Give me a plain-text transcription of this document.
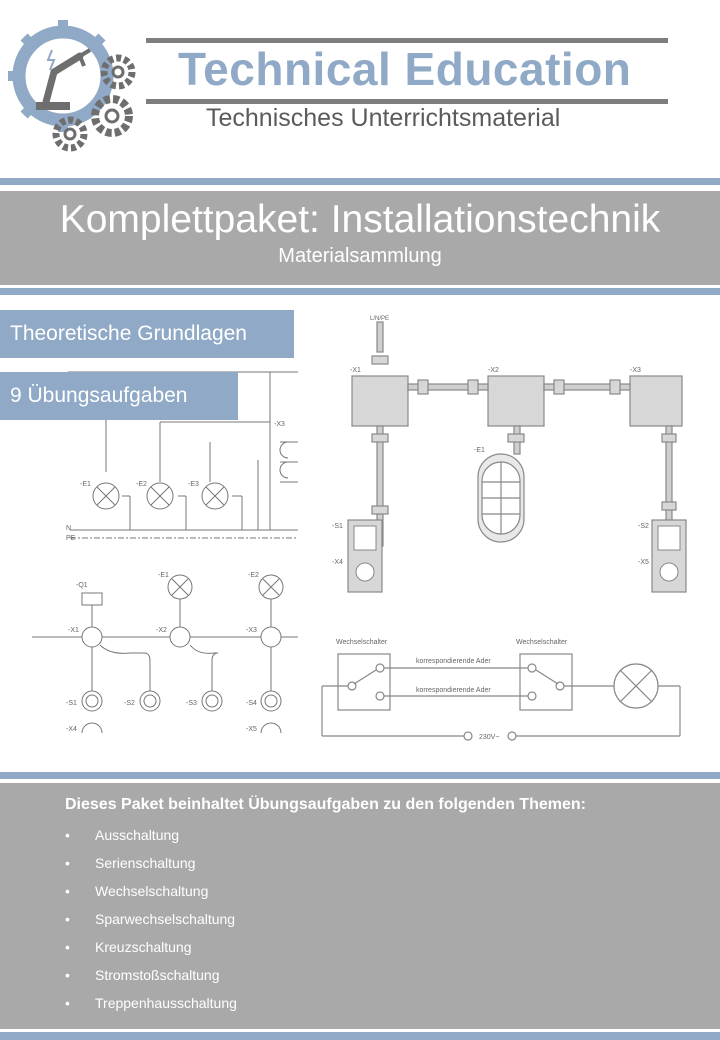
Technical Education
Technisches Unterrichtsmaterial
Komplettpaket: Installationstechnik
Materialsammlung
-E1	-E2	-E3
-X3
N
PE
-Q1
-E1	-E2
-X1	-X2	-X3
-S1	-S2	-S3	-S4
-X4	-X5
L/N/PE
-X1	-X2	-X3
-E1
-S1
-X4
-S2
-X5
Wechselschalter	Wechselschalter
korrespondierende Ader
korrespondierende Ader
230V~
Theoretische Grundlagen
9 Übungsaufgaben
Dieses Paket beinhaltet Übungsaufgaben zu den folgenden Themen:
• Ausschaltung
• Serienschaltung
• Wechselschaltung
• Sparwechselschaltung
• Kreuzschaltung
• Stromstoßschaltung
• Treppenhausschaltung
